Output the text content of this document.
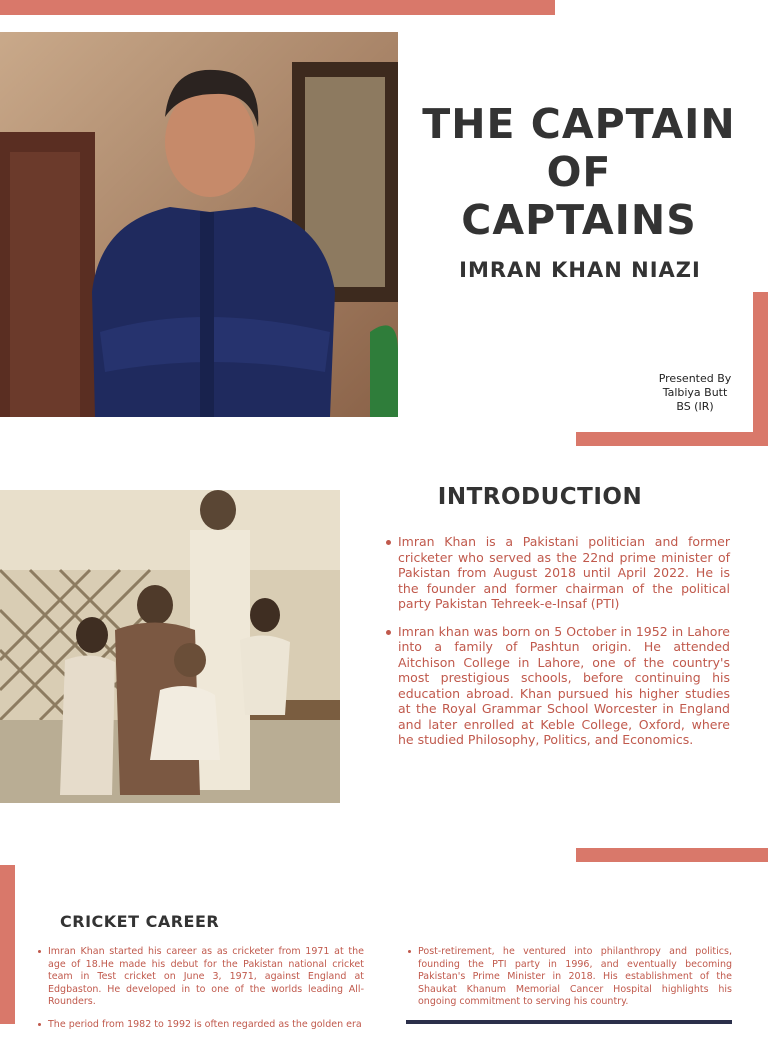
THE CAPTAIN
OF
CAPTAINS
IMRAN KHAN NIAZI
Presented By
Talbiya Butt
BS (IR)
INTRODUCTION
Imran Khan is a Pakistani politician and former cricketer who served as the 22nd prime minister of Pakistan from August 2018 until April 2022. He is the founder and former chairman of the political party Pakistan Tehreek-e-Insaf (PTI)
Imran khan was born on 5 October in 1952 in Lahore into a family of Pashtun origin. He attended Aitchison College in Lahore, one of the country's most prestigious schools, before continuing his education abroad. Khan pursued his higher studies at the Royal Grammar School Worcester in England and later enrolled at Keble College, Oxford, where he studied Philosophy, Politics, and Economics.
CRICKET CAREER
Imran Khan started his career as as cricketer from 1971 at the age of 18.He made his debut for the Pakistan national cricket team in Test cricket on June 3, 1971, against England at Edgbaston. He developed in to one of the worlds leading All-Rounders.
The period from 1982 to 1992 is often regarded as the golden era
Post-retirement, he ventured into philanthropy and politics, founding the PTI party in 1996, and eventually becoming Pakistan's Prime Minister in 2018. His establishment of the Shaukat Khanum Memorial Cancer Hospital highlights his ongoing commitment to serving his country.
